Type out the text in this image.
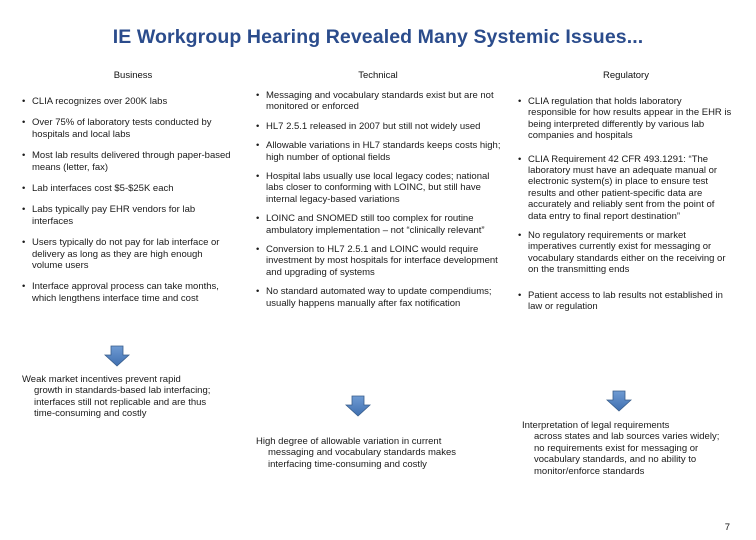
IE Workgroup Hearing Revealed Many Systemic Issues...
Business	Technical	Regulatory
• CLIA recognizes over 200K labs
• Over 75% of laboratory tests conducted by hospitals and local labs
• Most lab results delivered through paper-based means (letter, fax)
• Lab interfaces cost $5-$25K each
• Labs typically pay EHR vendors for lab interfaces
• Users typically do not pay for lab interface or delivery as long as they are high enough volume users
• Interface approval process can take months, which lengthens interface time and cost
• Messaging and vocabulary standards exist but are not monitored or enforced
• HL7 2.5.1 released in 2007 but still not widely used
• Allowable variations in HL7 standards keeps costs high; high number of optional fields
• Hospital labs usually use local legacy codes; national labs closer to conforming with LOINC, but still have internal legacy-based variations
• LOINC and SNOMED still too complex for routine ambulatory implementation – not “clinically relevant”
• Conversion to HL7 2.5.1 and LOINC would require investment by most hospitals for interface development and upgrading of systems
• No standard automated way to update compendiums; usually happens manually after fax notification
• CLIA regulation that holds laboratory responsible for how results appear in the EHR is being interpreted differently by various lab companies and hospitals
• CLIA Requirement 42 CFR 493.1291: “The laboratory must have an adequate manual or electronic system(s) in place to ensure test results and other patient-specific data are accurately and reliably sent from the point of data entry to final report destination”
• No regulatory requirements or market imperatives currently exist for messaging or vocabulary standards either on the receiving or on the transmitting ends
• Patient access to lab results not established in law or regulation
Weak market incentives prevent rapid
growth in standards-based lab interfacing; interfaces still not replicable and are thus time-consuming and costly
High degree of allowable variation in current
messaging and vocabulary standards makes interfacing time-consuming and costly
Interpretation of legal requirements
across states and lab sources varies widely; no requirements exist for messaging or vocabulary standards, and no ability to monitor/enforce standards
7
